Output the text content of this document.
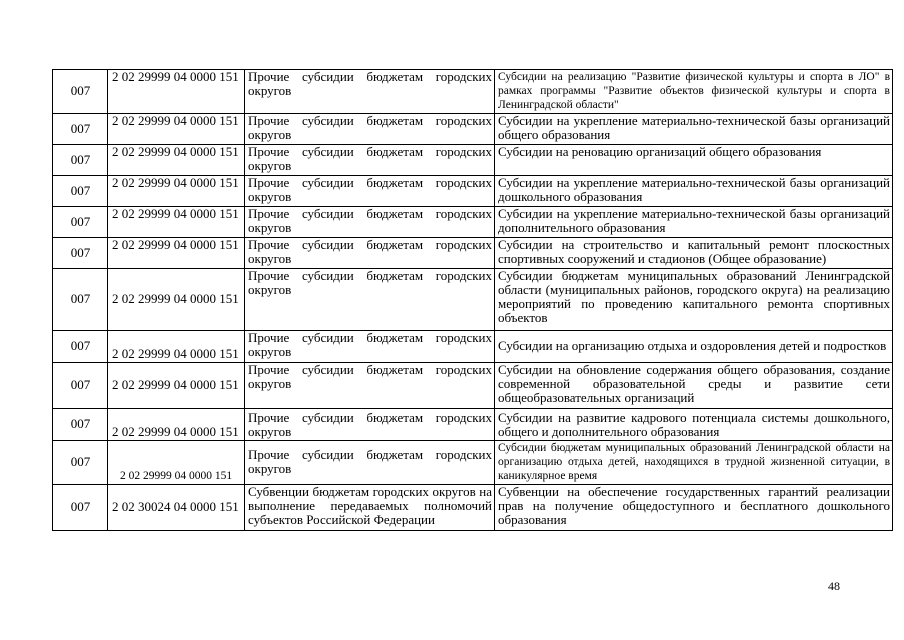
007	2 02 29999 04 0000 151	Прочие субсидии бюджетам городских округов	Субсидии на реализацию "Развитие физической культуры и спорта в ЛО" в рамках программы "Развитие объектов физической культуры и спорта в Ленинградской области"
007	2 02 29999 04 0000 151	Прочие субсидии бюджетам городских округов	Субсидии на укрепление материально-технической базы организаций общего образования
007	2 02 29999 04 0000 151	Прочие субсидии бюджетам городских округов	Субсидии на реновацию организаций общего образования
007	2 02 29999 04 0000 151	Прочие субсидии бюджетам городских округов	Субсидии на укрепление материально-технической базы организаций дошкольного образования
007	2 02 29999 04 0000 151	Прочие субсидии бюджетам городских округов	Субсидии на укрепление материально-технической базы организаций дополнительного образования
007	2 02 29999 04 0000 151	Прочие субсидии бюджетам городских округов	Субсидии на строительство и капитальный ремонт плоскостных спортивных сооружений и стадионов (Общее образование)
007	2 02 29999 04 0000 151	Прочие субсидии бюджетам городских округов	Субсидии бюджетам муниципальных образований Ленинградской области (муниципальных районов, городского округа) на реализацию мероприятий по проведению капитального ремонта спортивных объектов
007	2 02 29999 04 0000 151	Прочие субсидии бюджетам городских округов	Субсидии на организацию отдыха и оздоровления детей и подростков
007	2 02 29999 04 0000 151	Прочие субсидии бюджетам городских округов	Субсидии на обновление содержания общего образования, создание современной образовательной среды и развитие сети общеобразовательных организаций
007	2 02 29999 04 0000 151	Прочие субсидии бюджетам городских округов	Субсидии на развитие кадрового потенциала системы дошкольного, общего и дополнительного образования
007	2 02 29999 04 0000 151	Прочие субсидии бюджетам городских округов	Субсидии бюджетам муниципальных образований Ленинградской области на организацию отдыха детей, находящихся в трудной жизненной ситуации, в каникулярное время
007	2 02 30024 04 0000 151	Субвенции бюджетам городских округов на выполнение передаваемых полномочий субъектов Российской Федерации	Субвенции на обеспечение государственных гарантий реализации прав на получение общедоступного и бесплатного дошкольного образования
48
